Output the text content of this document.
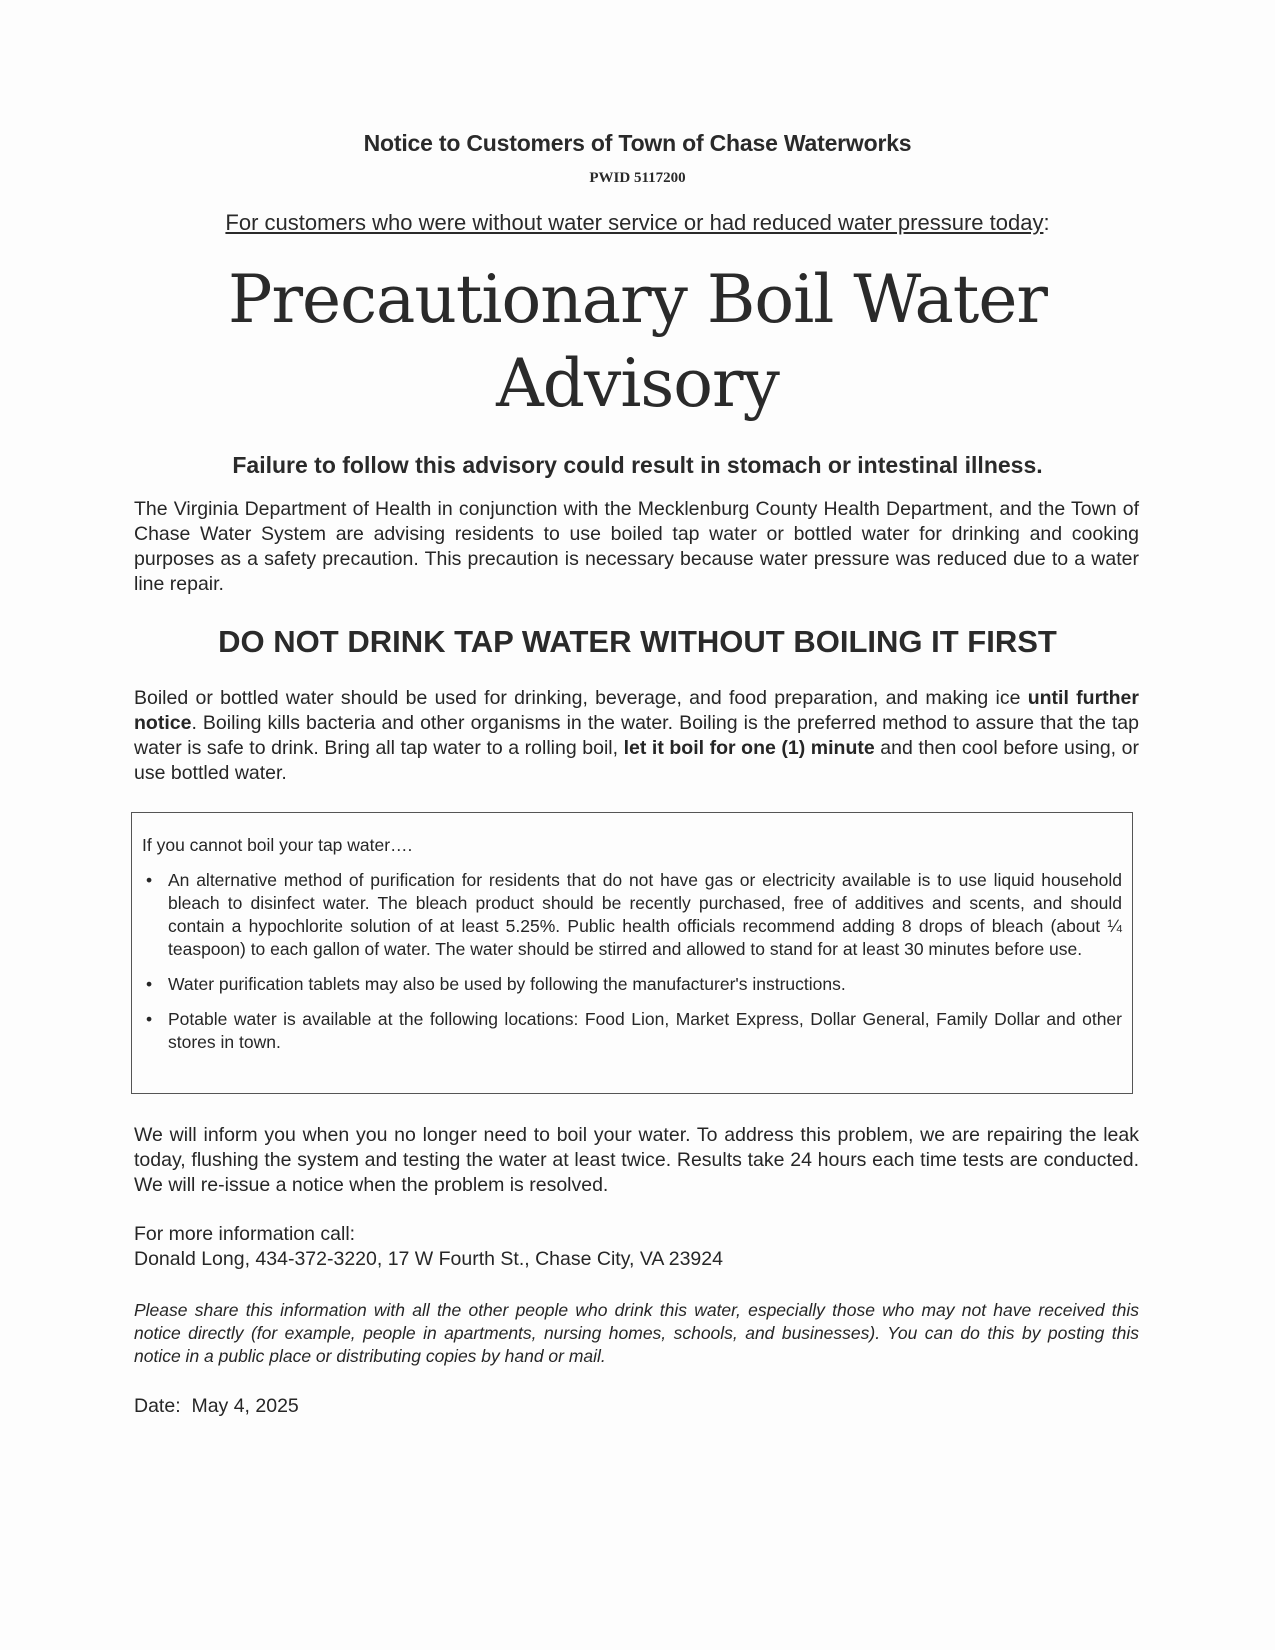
Notice to Customers of Town of Chase Waterworks
PWID 5117200
For customers who were without water service or had reduced water pressure today:
Precautionary Boil Water
Advisory
Failure to follow this advisory could result in stomach or intestinal illness.
The Virginia Department of Health in conjunction with the Mecklenburg County Health Department, and the Town of Chase Water System are advising residents to use boiled tap water or bottled water for drinking and cooking purposes as a safety precaution. This precaution is necessary because water pressure was reduced due to a water line repair.
DO NOT DRINK TAP WATER WITHOUT BOILING IT FIRST
Boiled or bottled water should be used for drinking, beverage, and food preparation, and making ice until further notice. Boiling kills bacteria and other organisms in the water. Boiling is the preferred method to assure that the tap water is safe to drink. Bring all tap water to a rolling boil, let it boil for one (1) minute and then cool before using, or use bottled water.
If you cannot boil your tap water….
• An alternative method of purification for residents that do not have gas or electricity available is to use liquid household bleach to disinfect water. The bleach product should be recently purchased, free of additives and scents, and should contain a hypochlorite solution of at least 5.25%. Public health officials recommend adding 8 drops of bleach (about ¼ teaspoon) to each gallon of water. The water should be stirred and allowed to stand for at least 30 minutes before use.
• Water purification tablets may also be used by following the manufacturer's instructions.
• Potable water is available at the following locations: Food Lion, Market Express, Dollar General, Family Dollar and other stores in town.
We will inform you when you no longer need to boil your water. To address this problem, we are repairing the leak today, flushing the system and testing the water at least twice. Results take 24 hours each time tests are conducted. We will re-issue a notice when the problem is resolved.
For more information call:
Donald Long, 434-372-3220, 17 W Fourth St., Chase City, VA 23924
Please share this information with all the other people who drink this water, especially those who may not have received this notice directly (for example, people in apartments, nursing homes, schools, and businesses). You can do this by posting this notice in a public place or distributing copies by hand or mail.
Date: May 4, 2025
